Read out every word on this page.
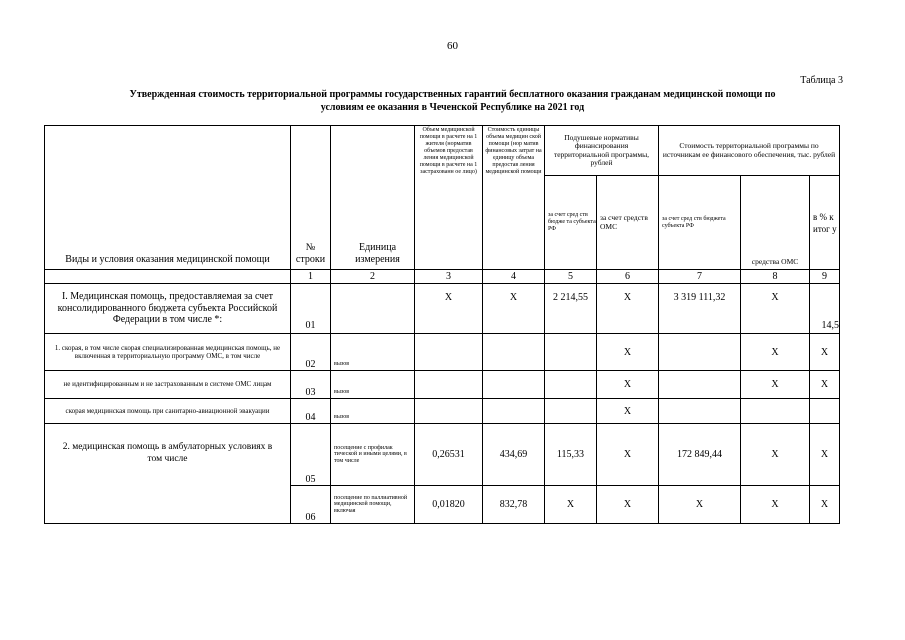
60
Таблица 3
Утвержденная стоимость территориальной программы государственных гарантий бесплатного оказания гражданам медицинской помощи по
условиям ее оказания в Чеченской Республике на 2021 год
Виды и условия оказания медицинской помощи	№ строки	Единица измерения	Объем медицинской помощи в расчете на 1 жителя (норматив объемов предостав ления медицинской помощи в расчете на 1 застрахованн ое лицо)	Стоимость единицы объема медицин ской помощи (нор матив финансовых затрат на единицу объема предостав ления медицинской помощи	Подушевые нормативы финансирования территориальной программы, рублей		Стоимость территориальной программы по источникам ее финансового обеспечения, тыс. рублей		
					за счет сред ств бюдже та субъекта РФ	за счет средств ОМС	за счет сред ств бюджета субъекта РФ	средства ОМС	в % к итог у
	1	2	3	4	5	6	7	8	9
I. Медицинская помощь, предоставляемая за счет консолидированного бюджета субъекта Российской Федерации в том числе *:	01		X	X	2 214,55	X	3 319 111,32	X	14,5
1. скорая, в том числе скорая специализированная медицинская помощь, не включенная в территориальную программу ОМС, в том числе	02	вызов				X		X	X
не идентифицированным и не застрахованным в системе ОМС лицам	03	вызов				X		X	X
скорая медицинская помощь при санитарно-авиационной эвакуации	04	вызов				X			
2. медицинская помощь в амбулаторных условиях в том числе	05	посещение с профилак тической и иными целями, в том числе	0,26531	434,69	115,33	X	172 849,44	X	X
	06	посещение по паллиативной медицинской помощи, включая	0,01820	832,78	X	X	X	X	X
